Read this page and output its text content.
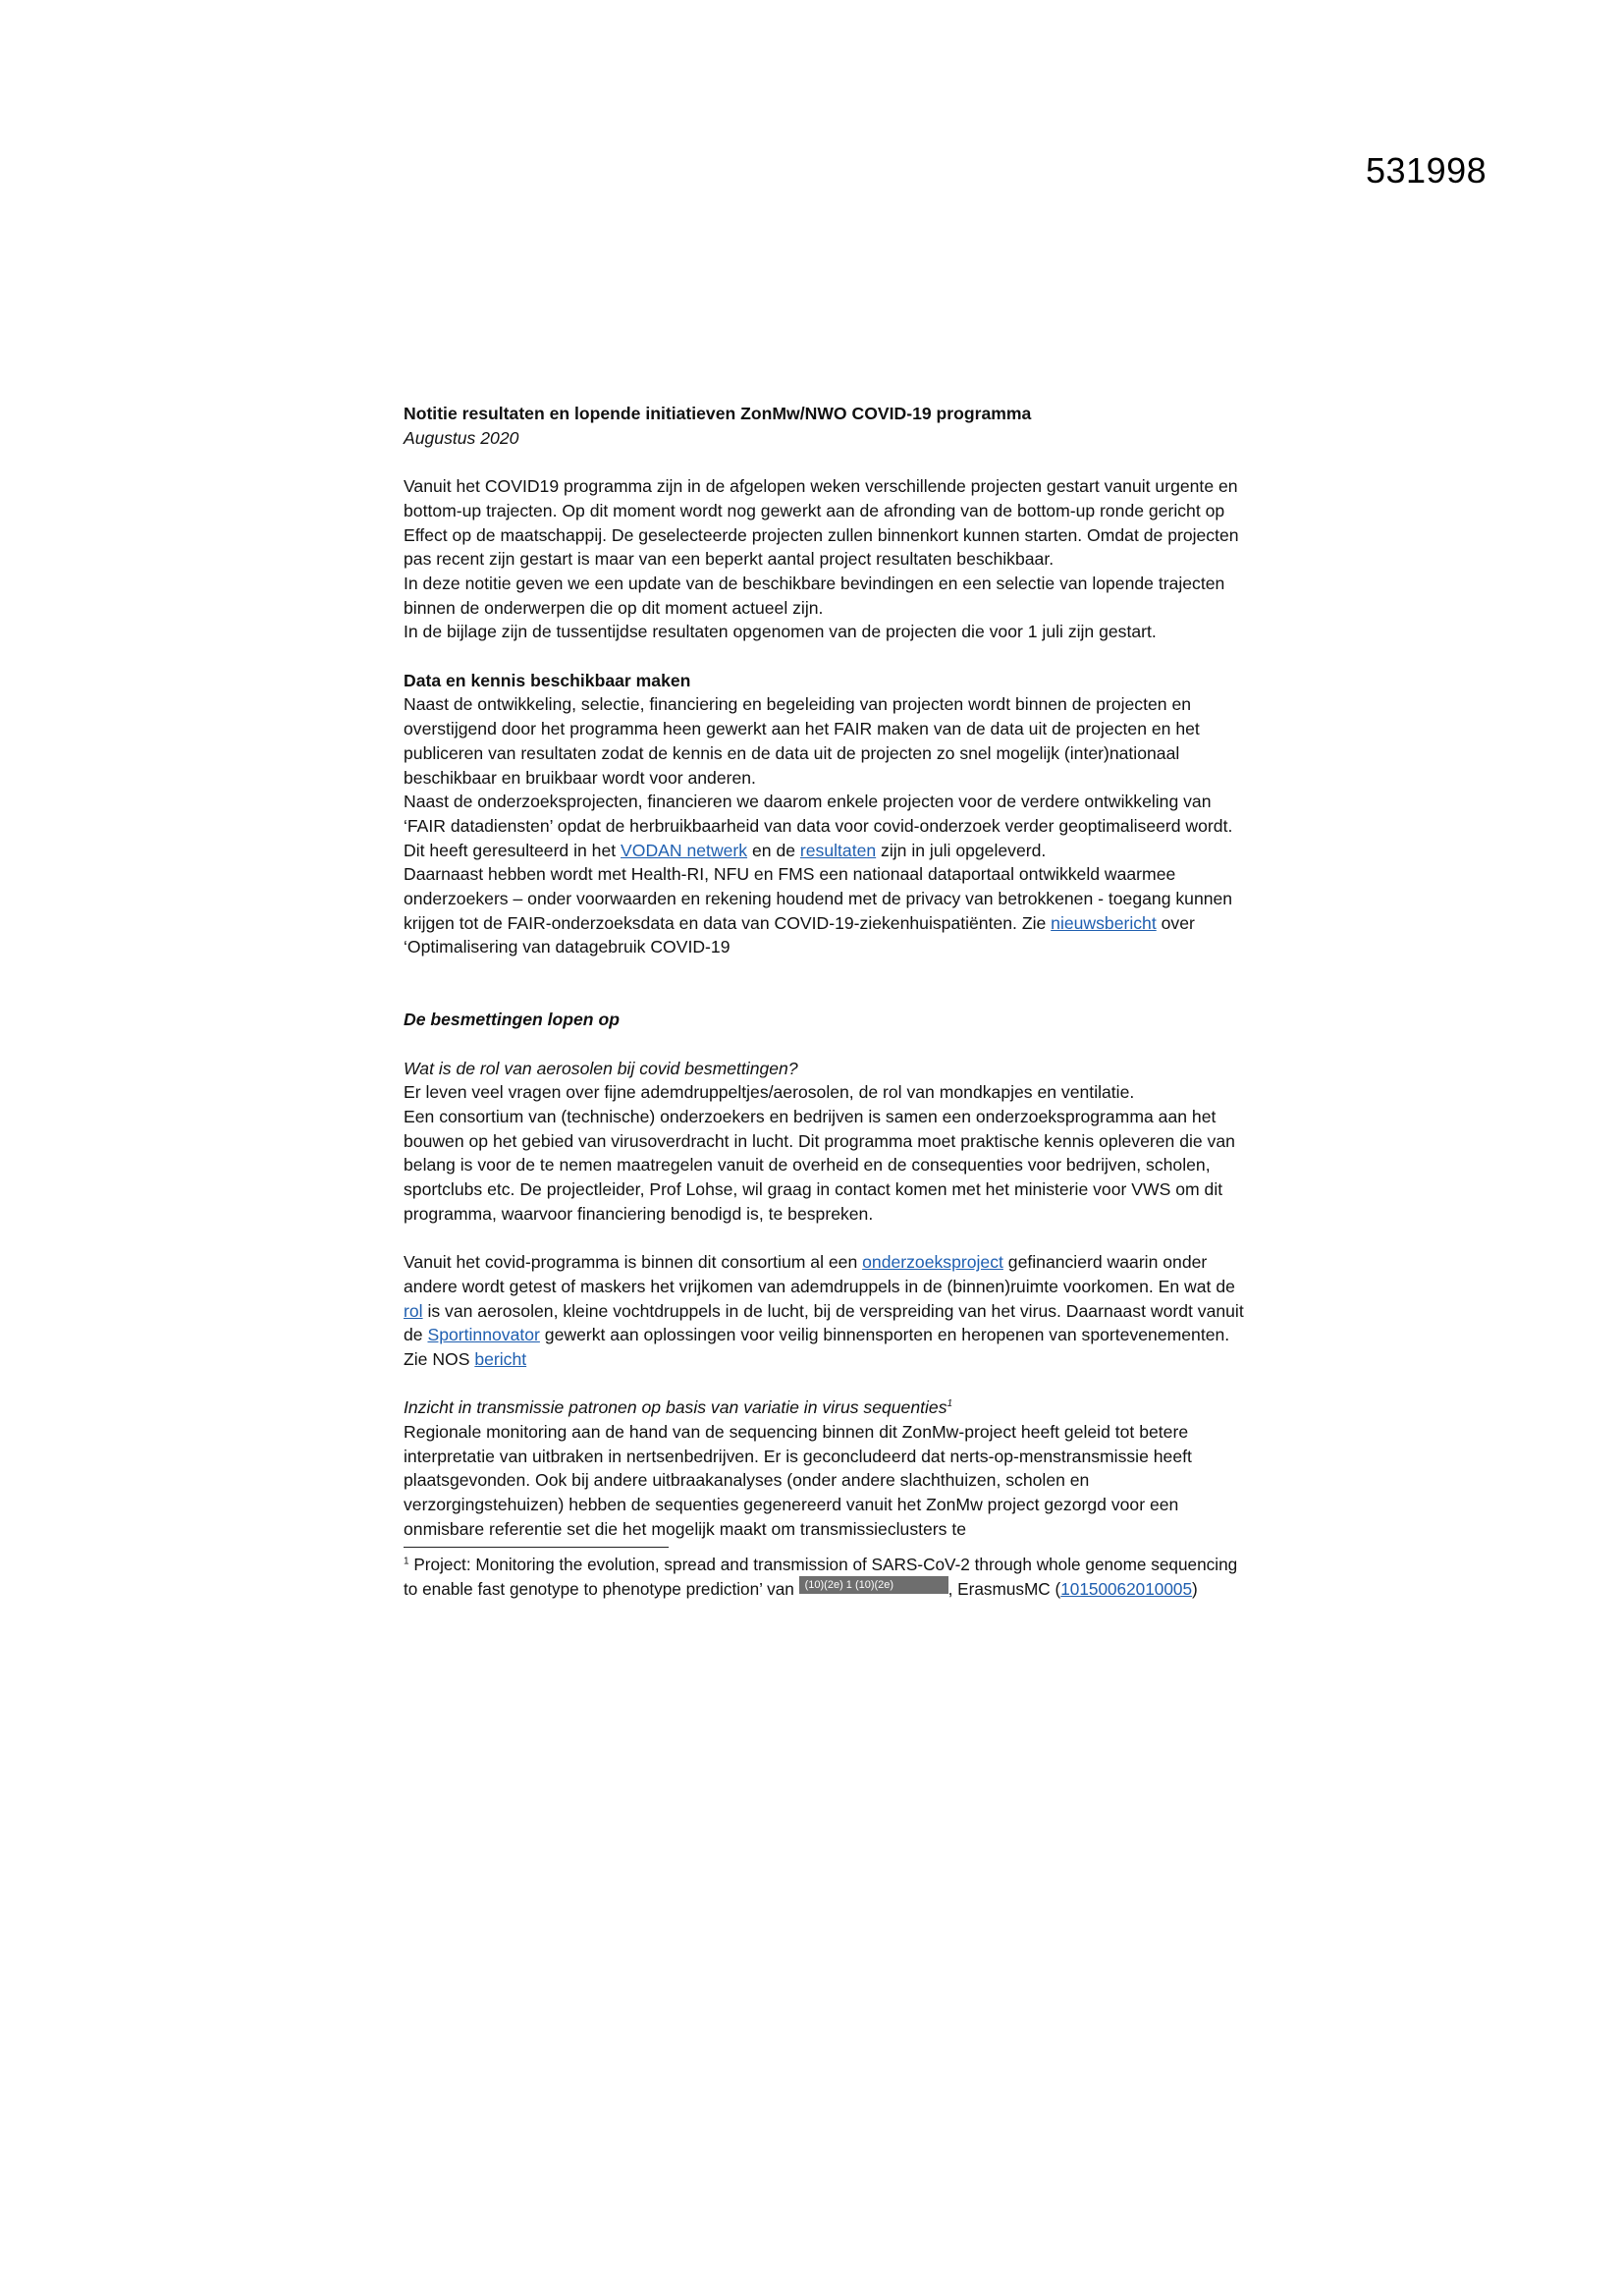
531998

Notitie resultaten en lopende initiatieven ZonMw/NWO COVID-19 programma

Augustus 2020

Vanuit het COVID19 programma zijn in de afgelopen weken verschillende projecten gestart vanuit urgente en bottom-up trajecten. Op dit moment wordt nog gewerkt aan de afronding van de bottom-up ronde gericht op Effect op de maatschappij. De geselecteerde projecten zullen binnenkort kunnen starten. Omdat de projecten pas recent zijn gestart is maar van een beperkt aantal project resultaten beschikbaar.

In deze notitie geven we een update van de beschikbare bevindingen en een selectie van lopende trajecten binnen de onderwerpen die op dit moment actueel zijn.

In de bijlage zijn de tussentijdse resultaten opgenomen van de projecten die voor 1 juli zijn gestart.

Data en kennis beschikbaar maken

Naast de ontwikkeling, selectie, financiering en begeleiding van projecten wordt binnen de projecten en overstijgend door het programma heen gewerkt aan het FAIR maken van de data uit de projecten en het publiceren van resultaten zodat de kennis en de data uit de projecten zo snel mogelijk (inter)nationaal beschikbaar en bruikbaar wordt voor anderen.

Naast de onderzoeksprojecten, financieren we daarom enkele projecten voor de verdere ontwikkeling van ‘FAIR datadiensten’ opdat de herbruikbaarheid van data voor covid-onderzoek verder geoptimaliseerd wordt. Dit heeft geresulteerd in het VODAN netwerk en de resultaten zijn in juli opgeleverd.

Daarnaast hebben wordt met Health-RI, NFU en FMS een nationaal dataportaal ontwikkeld waarmee onderzoekers – onder voorwaarden en rekening houdend met de privacy van betrokkenen - toegang kunnen krijgen tot de FAIR-onderzoeksdata en data van COVID-19-ziekenhuispatiënten. Zie nieuwsbericht over ‘Optimalisering van datagebruik COVID-19

De besmettingen lopen op

Wat is de rol van aerosolen bij covid besmettingen?

Er leven veel vragen over fijne ademdruppeltjes/aerosolen, de rol van mondkapjes en ventilatie.

Een consortium van (technische) onderzoekers en bedrijven is samen een onderzoeksprogramma aan het bouwen op het gebied van virusoverdracht in lucht. Dit programma moet praktische kennis opleveren die van belang is voor de te nemen maatregelen vanuit de overheid en de consequenties voor bedrijven, scholen, sportclubs etc. De projectleider, Prof Lohse, wil graag in contact komen met het ministerie voor VWS om dit programma, waarvoor financiering benodigd is, te bespreken.

Vanuit het covid-programma is binnen dit consortium al een onderzoeksproject gefinancierd waarin onder andere wordt getest of maskers het vrijkomen van ademdruppels in de (binnen)ruimte voorkomen. En wat de rol is van aerosolen, kleine vochtdruppels in de lucht, bij de verspreiding van het virus. Daarnaast wordt vanuit de Sportinnovator gewerkt aan oplossingen voor veilig binnensporten en heropenen van sportevenementen. Zie NOS bericht

Inzicht in transmissie patronen op basis van variatie in virus sequenties$^1$

Regionale monitoring aan de hand van de sequencing binnen dit ZonMw-project heeft geleid tot betere interpretatie van uitbraken in nertsenbedrijven. Er is geconcludeerd dat nerts-op-menstransmissie heeft plaatsgevonden. Ook bij andere uitbraakanalyses (onder andere slachthuizen, scholen en verzorgingstehuizen) hebben de sequenties gegenereerd vanuit het ZonMw project gezorgd voor een onmisbare referentie set die het mogelijk maakt om transmissieclusters te

$^1$ Project: Monitoring the evolution, spread and transmission of SARS-CoV-2 through whole genome sequencing to enable fast genotype to phenotype prediction’ van (10)(2e) 1 (10)(2e)	, ErasmusMC (10150062010005)
